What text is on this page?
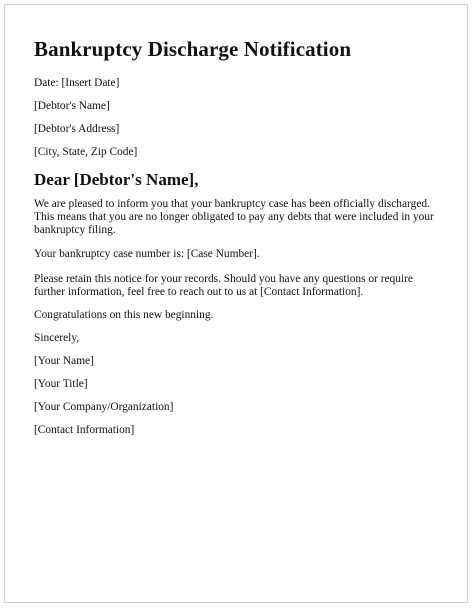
Bankruptcy Discharge Notification

Date: [Insert Date]

[Debtor's Name]

[Debtor's Address]

[City, State, Zip Code]

Dear [Debtor's Name],

We are pleased to inform you that your bankruptcy case has been officially discharged. This means that you are no longer obligated to pay any debts that were included in your bankruptcy filing.

Your bankruptcy case number is: [Case Number].

Please retain this notice for your records. Should you have any questions or require further information, feel free to reach out to us at [Contact Information].

Congratulations on this new beginning.

Sincerely,

[Your Name]

[Your Title]

[Your Company/Organization]

[Contact Information]
